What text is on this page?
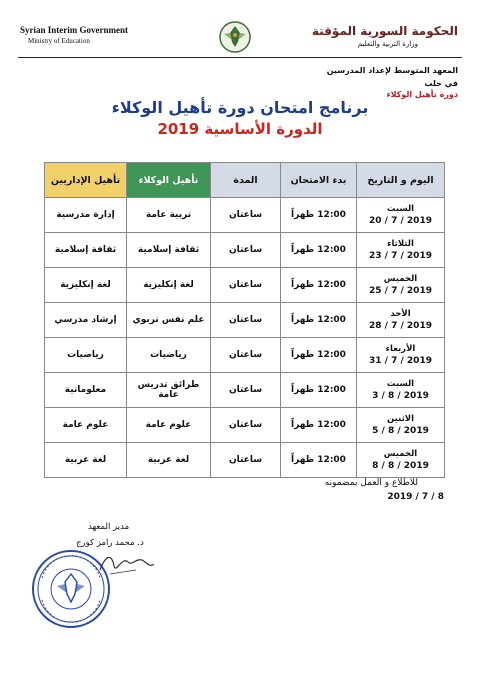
Syrian Interim Government
Ministry of Education
الحكومة السورية المؤقتة
وزارة التربية والتعليم
المعهد المتوسط لإعداد المدرسين
في حلب
دورة تأهيل الوكلاء
برنامج امتحان دورة تأهيل الوكلاء
الدورة الأساسية 2019
اليوم و التاريخ	بدء الامتحان	المدة	تأهيل الوكلاء	تأهيل الإداريين

السبت
2019 / 7 / 20	12:00 ظهراً	ساعتان	تربية عامة	إدارة مدرسية

الثلاثاء
2019 / 7 / 23	12:00 ظهراً	ساعتان	ثقافة إسلامية	ثقافة إسلامية

الخميس
2019 / 7 / 25	12:00 ظهراً	ساعتان	لغة إنكليزية	لغة إنكليزية

الأحد
2019 / 7 / 28	12:00 ظهراً	ساعتان	علم نفس تربوي	إرشاد مدرسي

الأربعاء
2019 / 7 / 31	12:00 ظهراً	ساعتان	رياضيات	رياضيات

السبت
2019 / 8 / 3	12:00 ظهراً	ساعتان	طرائق تدريس عامة	معلوماتية

الاثنين
2019 / 8 / 5	12:00 ظهراً	ساعتان	علوم عامة	علوم عامة

الخميس
2019 / 8 / 8	12:00 ظهراً	ساعتان	لغة عربية	لغة عربية
للاطلاع و العمل بمضمونه
2019 / 7 / 8
مدير المعهد
د. محمد رامز كورج
